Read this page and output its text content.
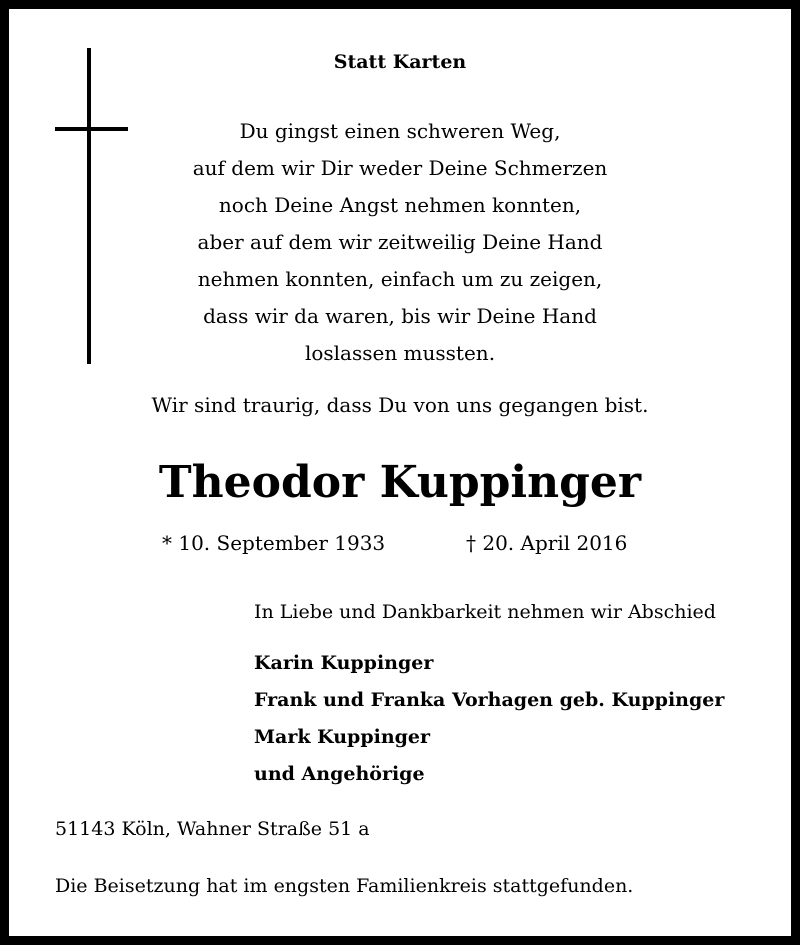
Statt Karten
Du gingst einen schweren Weg,
auf dem wir Dir weder Deine Schmerzen
noch Deine Angst nehmen konnten,
aber auf dem wir zeitweilig Deine Hand
nehmen konnten, einfach um zu zeigen,
dass wir da waren, bis wir Deine Hand
loslassen mussten.
Wir sind traurig, dass Du von uns gegangen bist.
Theodor Kuppinger
* 10. September 1933	† 20. April 2016
In Liebe und Dankbarkeit nehmen wir Abschied
Karin Kuppinger
Frank und Franka Vorhagen geb. Kuppinger
Mark Kuppinger
und Angehörige
51143 Köln, Wahner Straße 51 a
Die Beisetzung hat im engsten Familienkreis stattgefunden.
